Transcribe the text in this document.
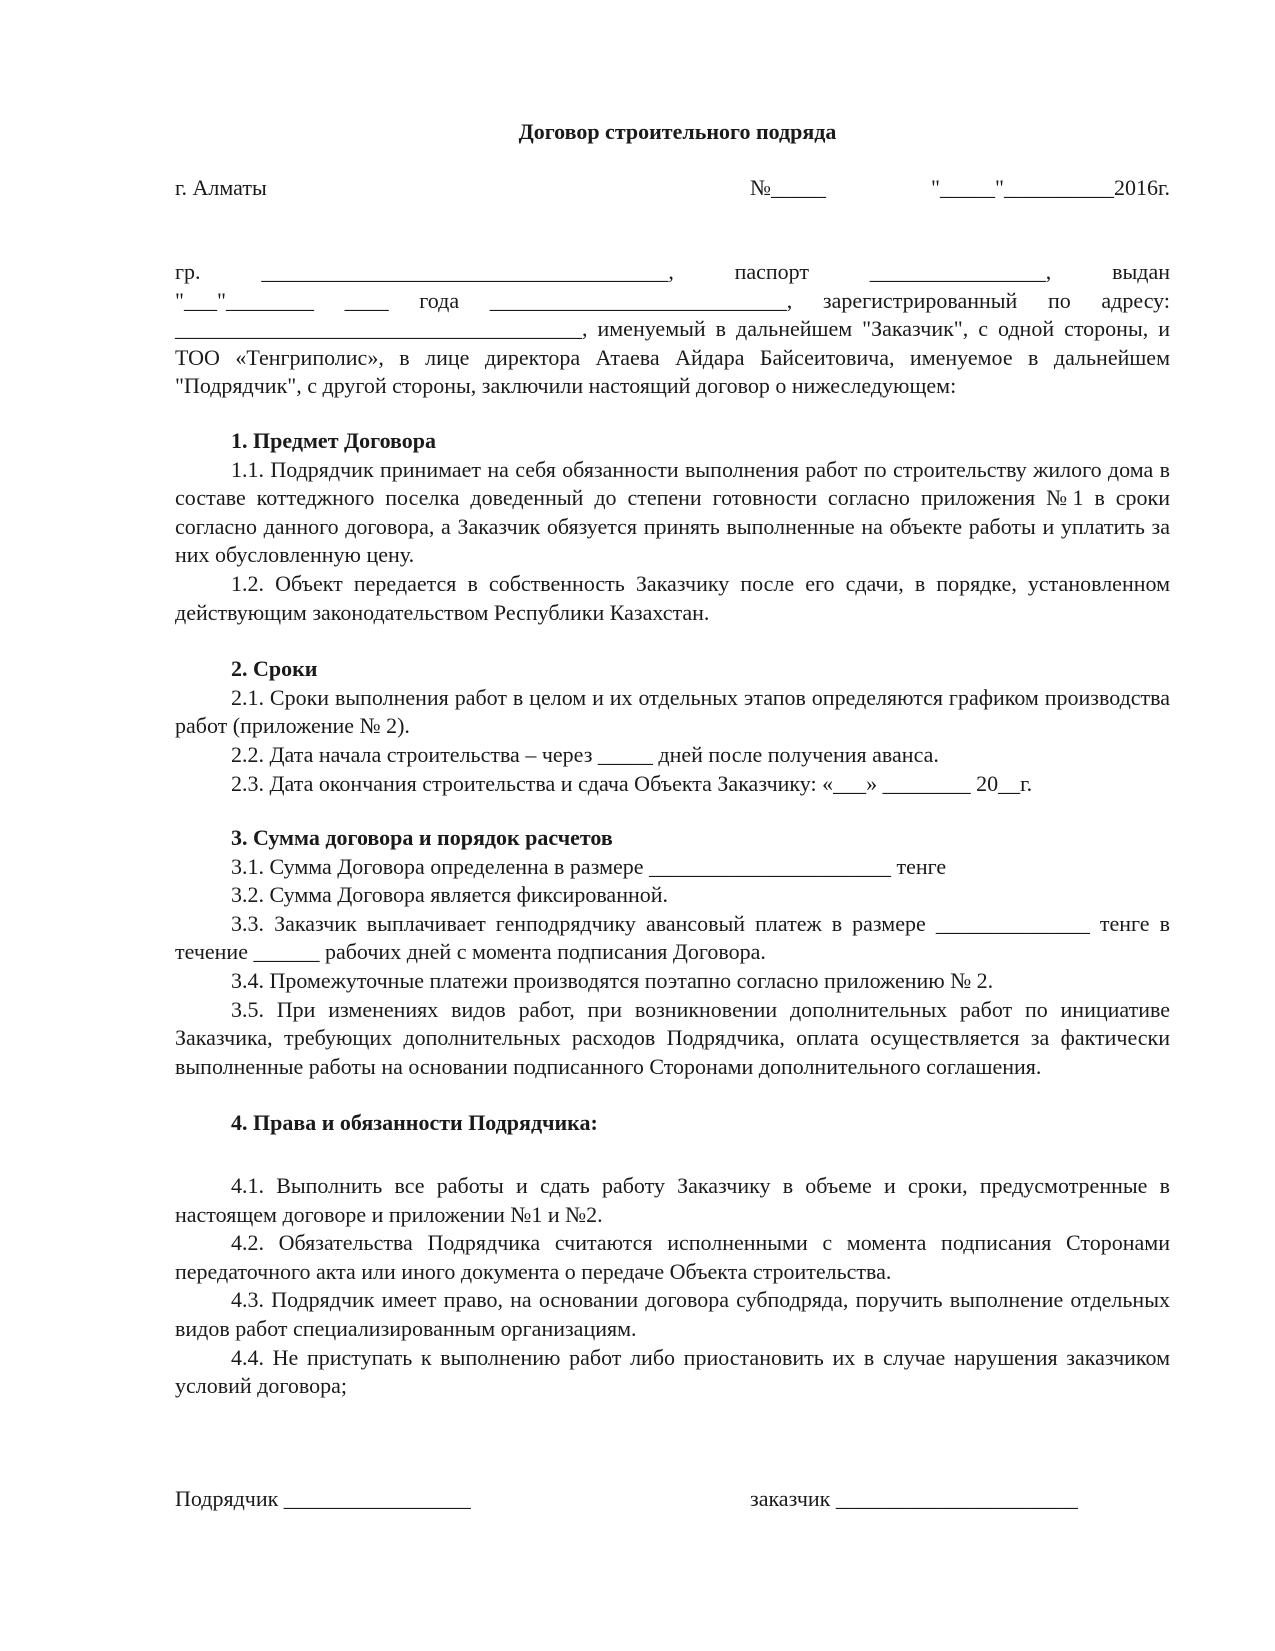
Договор строительного подряда
г. Алматы	№_____	"_____"__________2016г.

гр. _____________________________________, паспорт ________________, выдан

"___"________ ____ года ___________________________, зарегистрированный по адресу:

_____________________________________, именуемый в дальнейшем "Заказчик", с одной стороны, и ТОО «Тенгриполис», в лице директора Атаева Айдара Байсеитовича, именуемое в дальнейшем "Подрядчик", с другой стороны, заключили настоящий договор о нижеследующем:

1. Предмет Договора

1.1. Подрядчик принимает на себя обязанности выполнения работ по строительству жилого дома в составе коттеджного поселка доведенный до степени готовности согласно приложения №1 в сроки согласно данного договора, а Заказчик обязуется принять выполненные на объекте работы и уплатить за них обусловленную цену.

1.2. Объект передается в собственность Заказчику после его сдачи, в порядке, установленном действующим законодательством Республики Казахстан.

2. Сроки

2.1. Сроки выполнения работ в целом и их отдельных этапов определяются графиком производства работ (приложение № 2).

2.2. Дата начала строительства – через _____ дней после получения аванса.

2.3. Дата окончания строительства и сдача Объекта Заказчику: «___» ________ 20__г.

3. Сумма договора и порядок расчетов

3.1. Сумма Договора определенна в размере ______________________ тенге

3.2. Сумма Договора является фиксированной.

3.3. Заказчик выплачивает генподрядчику авансовый платеж в размере ______________ тенге в течение ______ рабочих дней с момента подписания Договора.

3.4. Промежуточные платежи производятся поэтапно согласно приложению № 2.

3.5. При изменениях видов работ, при возникновении дополнительных работ по инициативе Заказчика, требующих дополнительных расходов Подрядчика, оплата осуществляется за фактически выполненные работы на основании подписанного Сторонами дополнительного соглашения.

4. Права и обязанности Подрядчика:

4.1. Выполнить все работы и сдать работу Заказчику в объеме и сроки, предусмотренные в настоящем договоре и приложении №1 и №2.

4.2. Обязательства Подрядчика считаются исполненными с момента подписания Сторонами передаточного акта или иного документа о передаче Объекта строительства.

4.3. Подрядчик имеет право, на основании договора субподряда, поручить выполнение отдельных видов работ специализированным организациям.

4.4. Не приступать к выполнению работ либо приостановить их в случае нарушения заказчиком условий договора;

Подрядчик _________________	заказчик ______________________
